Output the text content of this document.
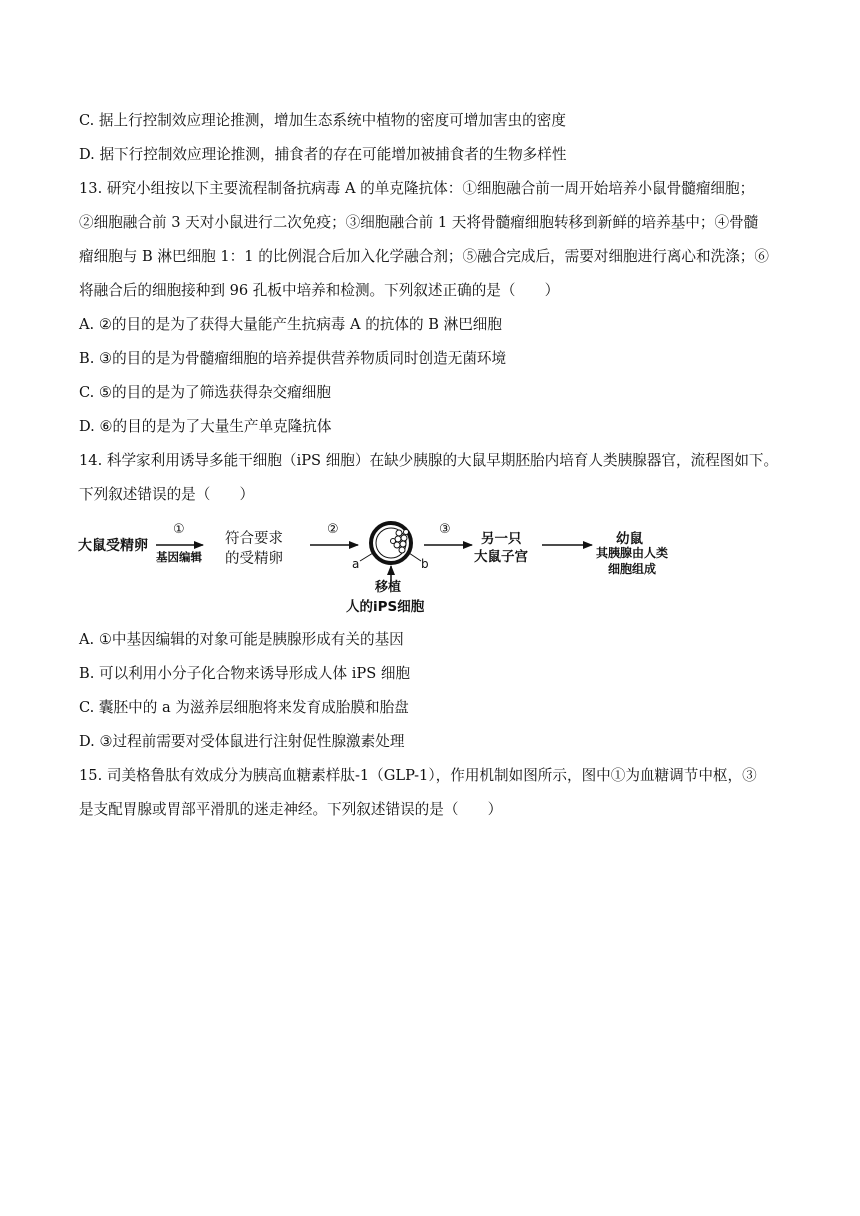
C. 据上行控制效应理论推测，增加生态系统中植物的密度可增加害虫的密度
D. 据下行控制效应理论推测，捕食者的存在可能增加被捕食者的生物多样性
13. 研究小组按以下主要流程制备抗病毒 A 的单克隆抗体：①细胞融合前一周开始培养小鼠骨髓瘤细胞；
②细胞融合前 3 天对小鼠进行二次免疫；③细胞融合前 1 天将骨髓瘤细胞转移到新鲜的培养基中；④骨髓
瘤细胞与 B 淋巴细胞 1：1 的比例混合后加入化学融合剂；⑤融合完成后，需要对细胞进行离心和洗涤；⑥
将融合后的细胞接种到 96 孔板中培养和检测。下列叙述正确的是（　　）
A. ②的目的是为了获得大量能产生抗病毒 A 的抗体的 B 淋巴细胞
B. ③的目的是为骨髓瘤细胞的培养提供营养物质同时创造无菌环境
C. ⑤的目的是为了筛选获得杂交瘤细胞
D. ⑥的目的是为了大量生产单克隆抗体
14. 科学家利用诱导多能干细胞（iPS 细胞）在缺少胰腺的大鼠早期胚胎内培育人类胰腺器官，流程图如下。
下列叙述错误的是（　　）
大鼠受精卵
①
基因编辑
符合要求
的受精卵
②
a	b
移植
人的iPS细胞
③
另一只
大鼠子宫
幼鼠
其胰腺由人类
细胞组成
A. ①中基因编辑的对象可能是胰腺形成有关的基因
B. 可以利用小分子化合物来诱导形成人体 iPS 细胞
C. 囊胚中的 a 为滋养层细胞将来发育成胎膜和胎盘
D. ③过程前需要对受体鼠进行注射促性腺激素处理
15. 司美格鲁肽有效成分为胰高血糖素样肽-1（GLP-1），作用机制如图所示，图中①为血糖调节中枢，③
是支配胃腺或胃部平滑肌的迷走神经。下列叙述错误的是（　　）
